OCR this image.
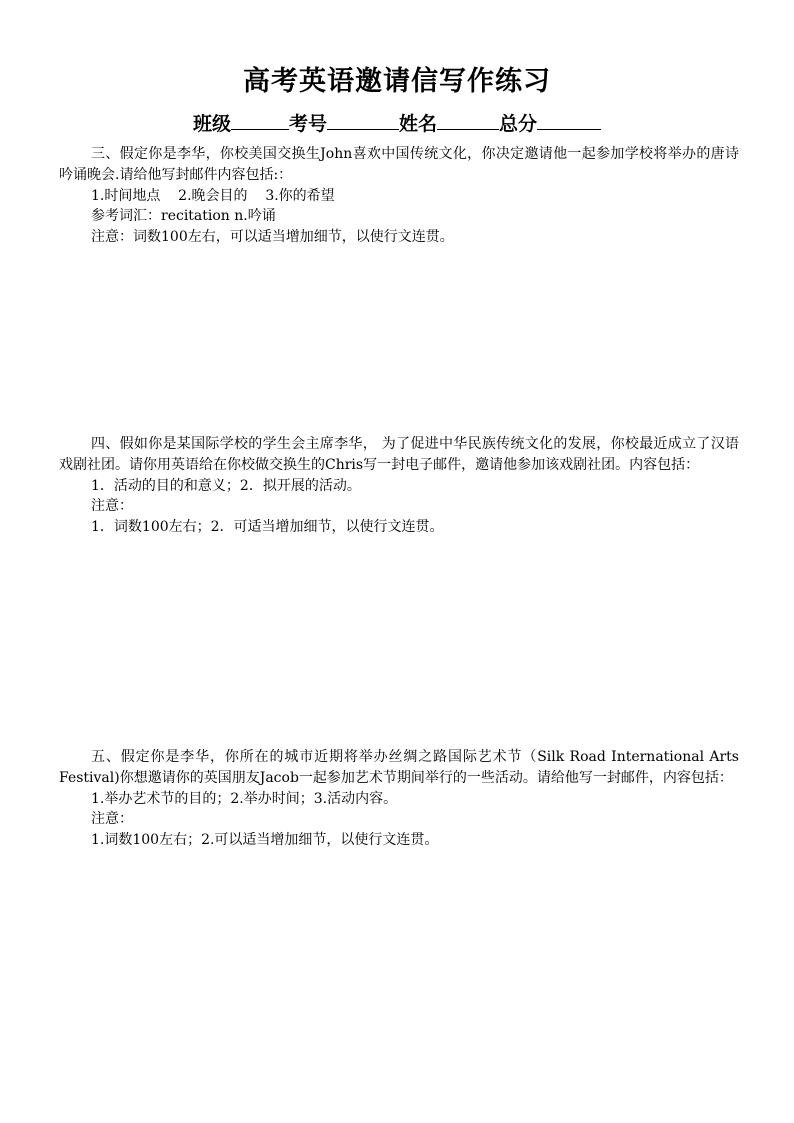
高考英语邀请信写作练习
班级	考号	姓名	总分

三、假定你是李华，你校美国交换生John喜欢中国传统文化，你决定邀请他一起参加学校将举办的唐诗吟诵晚会.请给他写封邮件内容包括:：

1.时间地点    2.晚会目的    3.你的希望

参考词汇：recitation n.吟诵

注意：词数100左右，可以适当增加细节，以使行文连贯。

四、假如你是某国际学校的学生会主席李华， 为了促进中华民族传统文化的发展，你校最近成立了汉语戏剧社团。请你用英语给在你校做交换生的Chris写一封电子邮件，邀请他参加该戏剧社团。内容包括：

1．活动的目的和意义；2．拟开展的活动。

注意：

1．词数100左右；2．可适当增加细节，以使行文连贯。

五、假定你是李华，你所在的城市近期将举办丝绸之路国际艺术节（Silk Road International Arts Festival)你想邀请你的英国朋友Jacob一起参加艺术节期间举行的一些活动。请给他写一封邮件，内容包括：

1.举办艺术节的目的；2.举办时间；3.活动内容。

注意：

1.词数100左右；2.可以适当增加细节，以使行文连贯。
